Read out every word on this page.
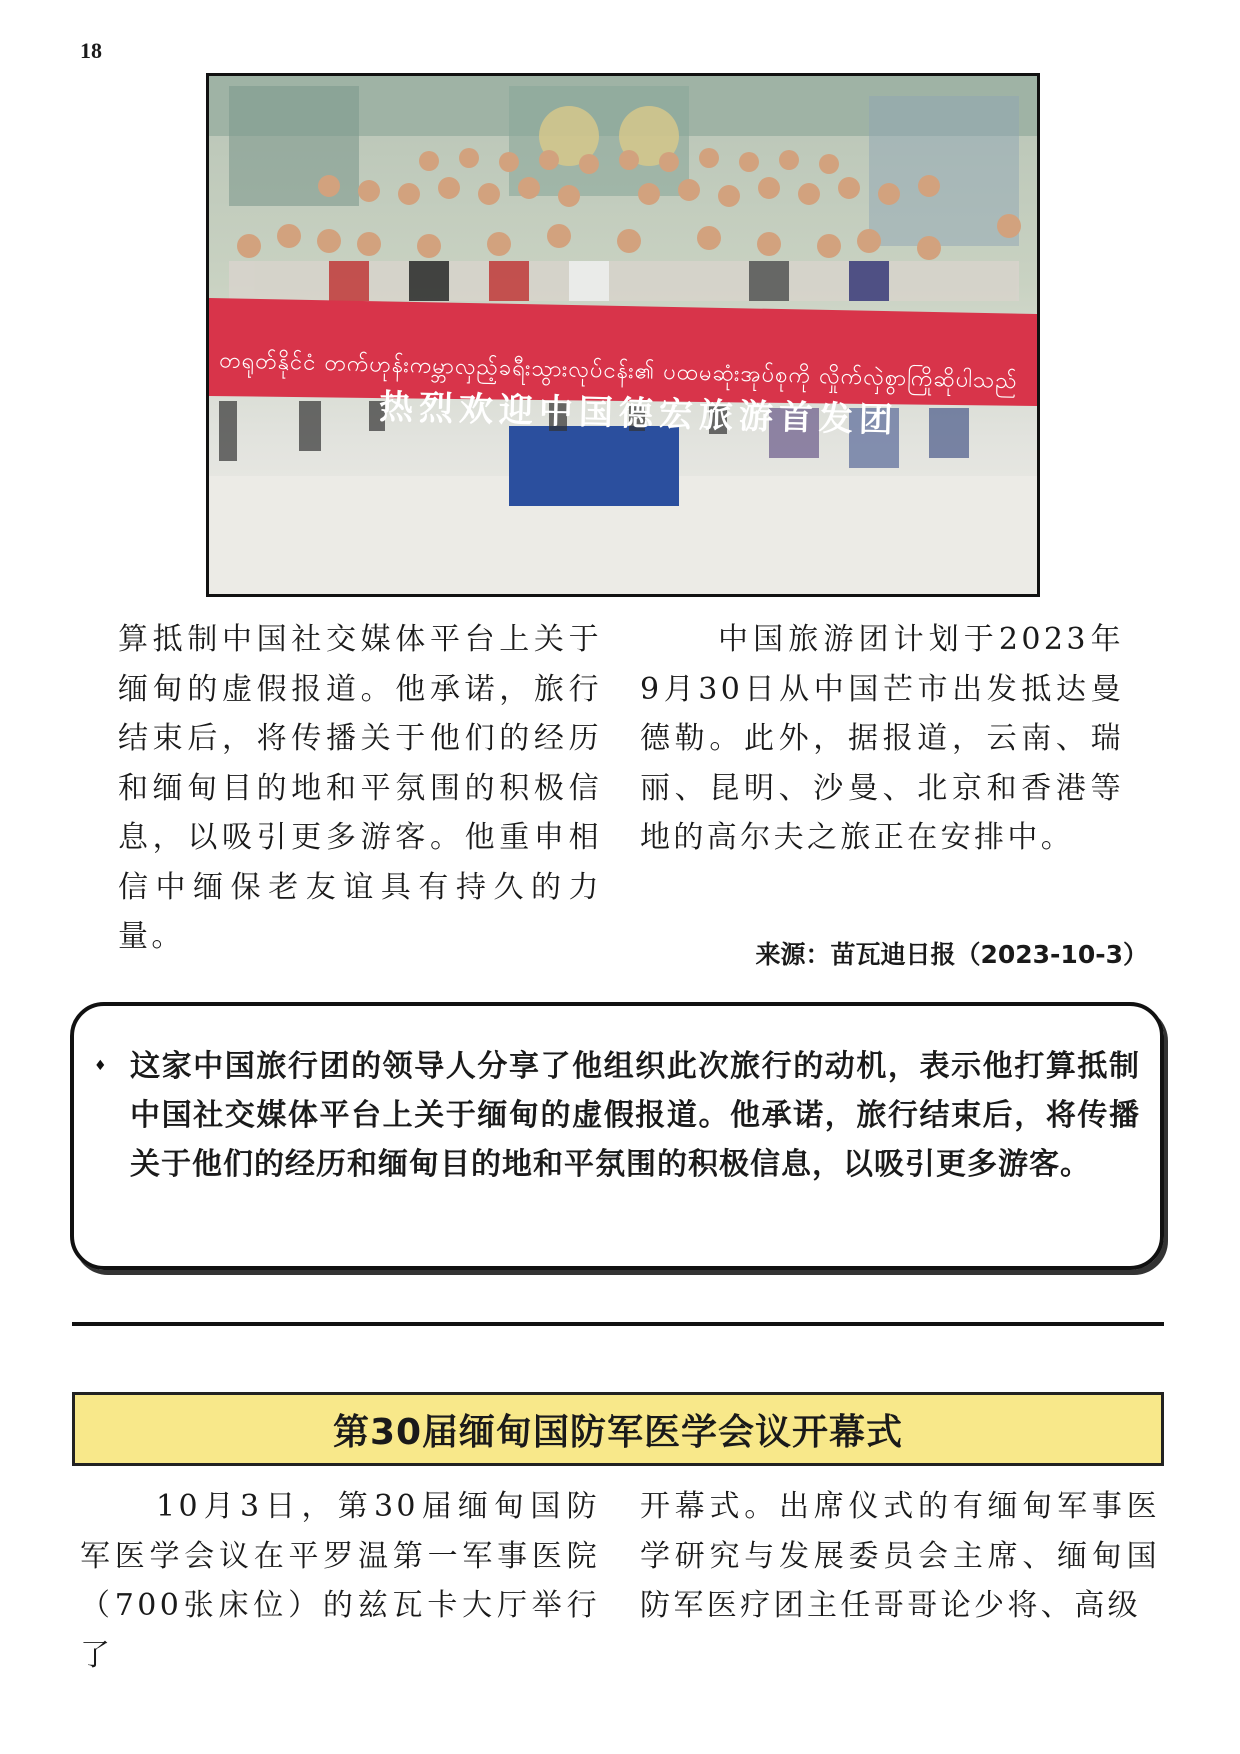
18
တရုတ်နိုင်ငံ တက်ဟုန်းကမ္ဘာလှည့်ခရီးသွားလုပ်ငန်း၏ ပထမဆုံးအုပ်စုကို လှိုက်လှဲစွာကြိုဆိုပါသည်
热烈欢迎中国德宏旅游首发团

算抵制中国社交媒体平台上关于缅甸的虚假报道。他承诺，旅行结束后，将传播关于他们的经历和缅甸目的地和平氛围的积极信息，以吸引更多游客。他重申相信中缅保老友谊具有持久的力量。

中国旅游团计划于2023年9月30日从中国芒市出发抵达曼德勒。此外，据报道，云南、瑞丽、昆明、沙曼、北京和香港等地的高尔夫之旅正在安排中。

来源：苗瓦迪日报（2023-10-3）
♦ 这家中国旅行团的领导人分享了他组织此次旅行的动机，表示他打算抵制中国社交媒体平台上关于缅甸的虚假报道。他承诺，旅行结束后，将传播关于他们的经历和缅甸目的地和平氛围的积极信息，以吸引更多游客。
第30届缅甸国防军医学会议开幕式

10月3日，第30届缅甸国防军医学会议在平罗温第一军事医院（700张床位）的兹瓦卡大厅举行了

开幕式。出席仪式的有缅甸军事医学研究与发展委员会主席、缅甸国防军医疗团主任哥哥论少将、高级
